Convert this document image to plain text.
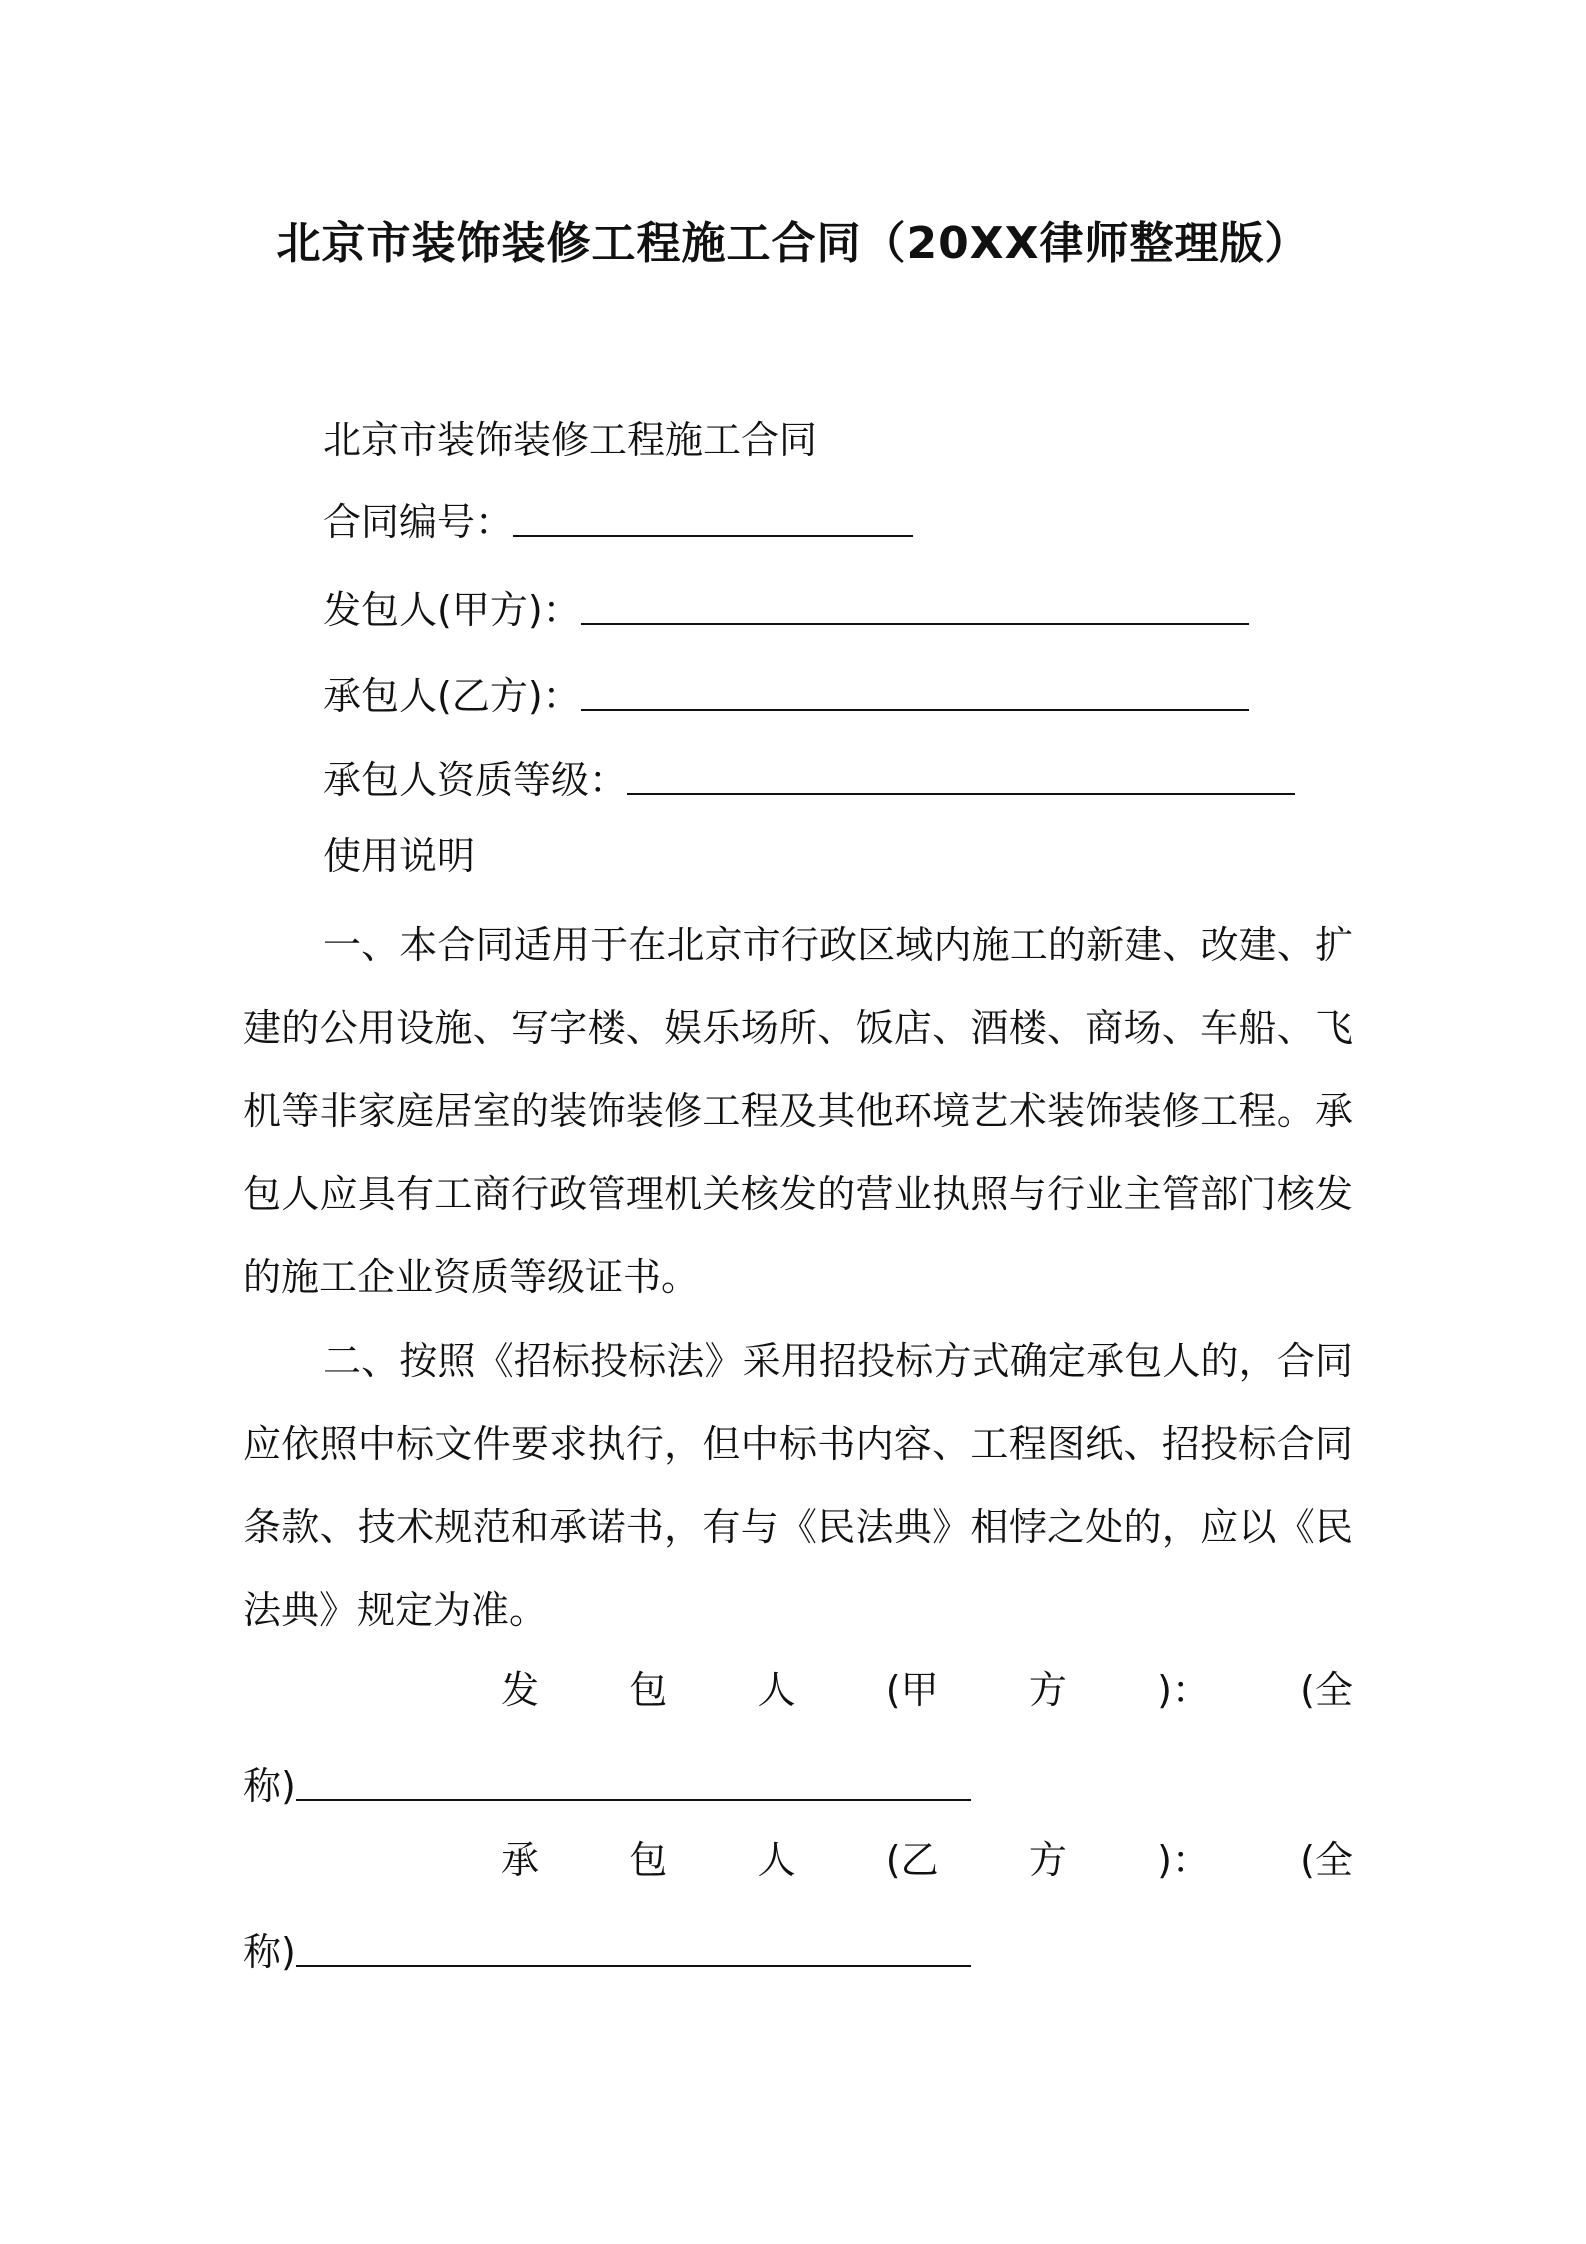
北京市装饰装修工程施工合同（20XX律师整理版）

北京市装饰装修工程施工合同

合同编号：

发包人(甲方)：

承包人(乙方)：

承包人资质等级：

使用说明

一、本合同适用于在北京市行政区域内施工的新建、改建、扩建的公用设施、写字楼、娱乐场所、饭店、酒楼、商场、车船、飞机等非家庭居室的装饰装修工程及其他环境艺术装饰装修工程。承包人应具有工商行政管理机关核发的营业执照与行业主管部门核发的施工企业资质等级证书。

二、按照《招标投标法》采用招投标方式确定承包人的，合同应依照中标文件要求执行，但中标书内容、工程图纸、招投标合同条款、技术规范和承诺书，有与《民法典》相悖之处的，应以《民法典》规定为准。

发 包 人 (甲 方 )： (全

称)

承 包 人 (乙 方 )： (全

称)
